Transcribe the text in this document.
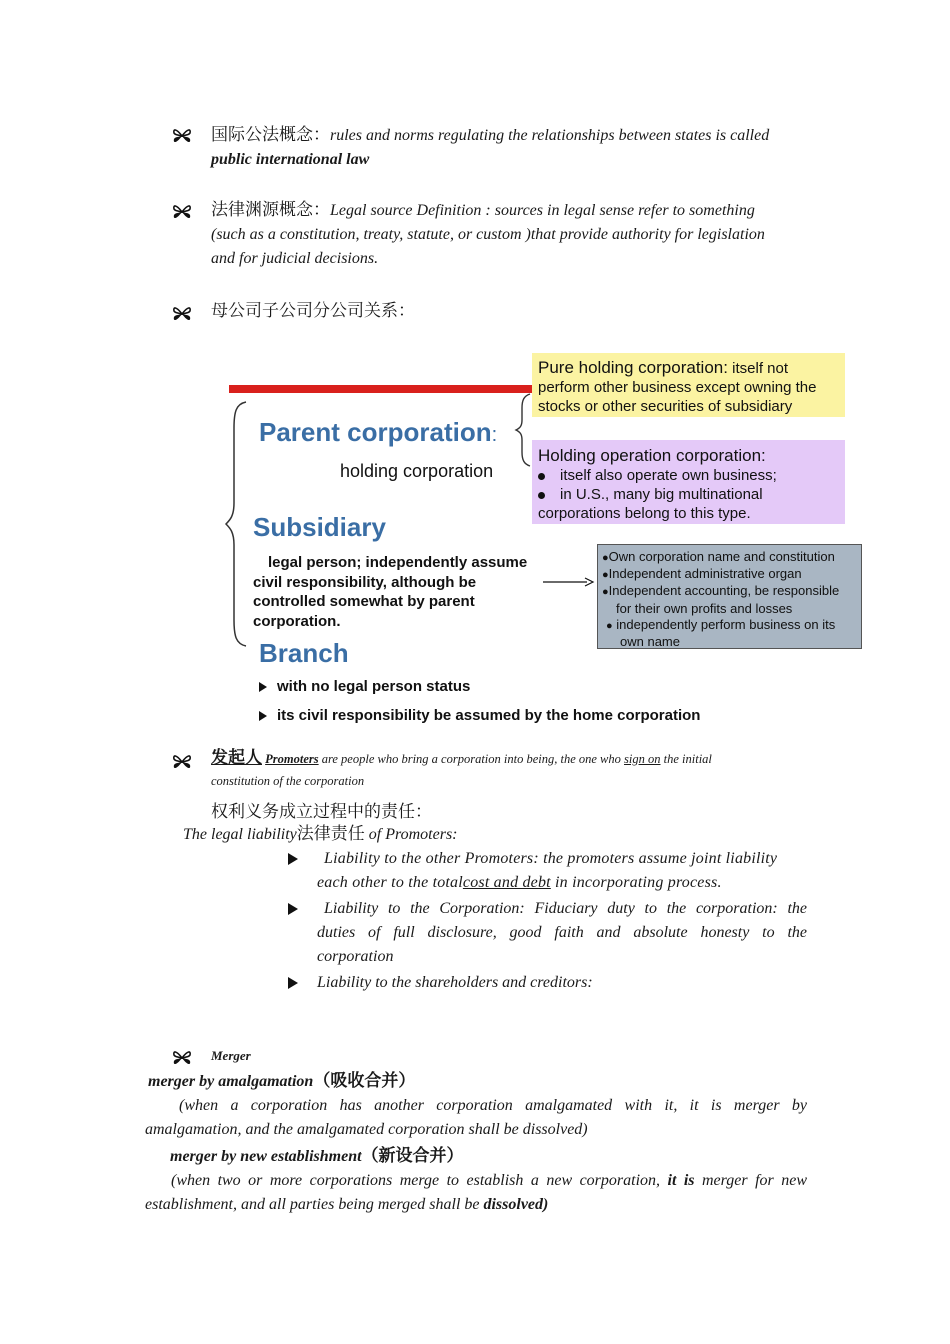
国际公法概念：rules and norms regulating the relationships between states is called
public international law
法律渊源概念：Legal source Definition : sources in legal sense refer to something
(such as a constitution, treaty, statute, or custom )that provide authority for legislation
and for judicial decisions.
母公司子公司分公司关系：
Pure holding corporation: itself not
perform other business except owning the
stocks or other securities of subsidiary
Parent corporation:
holding corporation
Holding operation corporation:
itself also operate own business;
in U.S., many big multinational
corporations belong to this type.
Subsidiary
legal person; independently assume
civil responsibility, although be
controlled somewhat by parent
corporation.
●Own corporation name and constitution
●Independent administrative organ
●Independent accounting, be responsible
for their own profits and losses
● independently perform business on its
own name
Branch
with no legal person status
its civil responsibility be assumed by the home corporation
发起人 Promoters are people who bring a corporation into being, the one who sign on the initial
constitution of the corporation
权利义务成立过程中的责任：
The legal liability法律责任 of Promoters:
Liability to the other Promoters: the promoters assume joint liability
each other to the totalcost and debt in incorporating process.
Liability to the Corporation: Fiduciary duty to the corporation: the
duties of full disclosure, good faith and absolute honesty to the
corporation
Liability to the shareholders and creditors:
Merger
merger by amalgamation（吸收合并）
(when a corporation has another corporation amalgamated with it, it is merger by
amalgamation, and the amalgamated corporation shall be dissolved)
merger by new establishment（新设合并）
(when two or more corporations merge to establish a new corporation, it is merger for new
establishment, and all parties being merged shall be dissolved)
